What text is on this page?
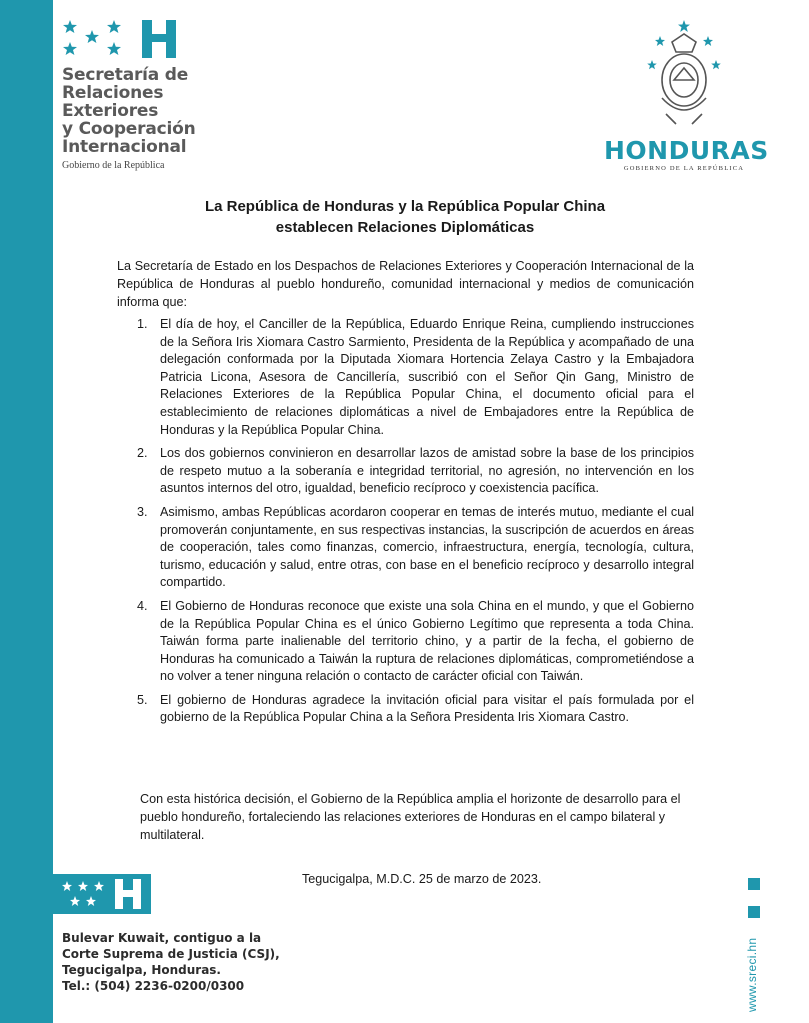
Secretaría de
Relaciones
Exteriores
y Cooperación
Internacional
Gobierno de la República
HONDURAS
GOBIERNO DE LA REPÚBLICA
La República de Honduras y la República Popular China
establecen Relaciones Diplomáticas
La Secretaría de Estado en los Despachos de Relaciones Exteriores y Cooperación Internacional de la República de Honduras al pueblo hondureño, comunidad internacional y medios de comunicación informa que:
1. El día de hoy, el Canciller de la República, Eduardo Enrique Reina, cumpliendo instrucciones de la Señora Iris Xiomara Castro Sarmiento, Presidenta de la República y acompañado de una delegación conformada por la Diputada Xiomara Hortencia Zelaya Castro y la Embajadora Patricia Licona, Asesora de Cancillería, suscribió con el Señor Qin Gang, Ministro de Relaciones Exteriores de la República Popular China, el documento oficial para el establecimiento de relaciones diplomáticas a nivel de Embajadores entre la República de Honduras y la República Popular China.
2. Los dos gobiernos convinieron en desarrollar lazos de amistad sobre la base de los principios de respeto mutuo a la soberanía e integridad territorial, no agresión, no intervención en los asuntos internos del otro, igualdad, beneficio recíproco y coexistencia pacífica.
3. Asimismo, ambas Repúblicas acordaron cooperar en temas de interés mutuo, mediante el cual promoverán conjuntamente, en sus respectivas instancias, la suscripción de acuerdos en áreas de cooperación, tales como finanzas, comercio, infraestructura, energía, tecnología, cultura, turismo, educación y salud, entre otras, con base en el beneficio recíproco y desarrollo integral compartido.
4. El Gobierno de Honduras reconoce que existe una sola China en el mundo, y que el Gobierno de la República Popular China es el único Gobierno Legítimo que representa a toda China. Taiwán forma parte inalienable del territorio chino, y a partir de la fecha, el gobierno de Honduras ha comunicado a Taiwán la ruptura de relaciones diplomáticas, comprometiéndose a no volver a tener ninguna relación o contacto de carácter oficial con Taiwán.
5. El gobierno de Honduras agradece la invitación oficial para visitar el país formulada por el gobierno de la República Popular China a la Señora Presidenta Iris Xiomara Castro.
Con esta histórica decisión, el Gobierno de la República amplia el horizonte de desarrollo para el pueblo hondureño, fortaleciendo las relaciones exteriores de Honduras en el campo bilateral y multilateral.
Tegucigalpa, M.D.C. 25 de marzo de 2023.
Bulevar Kuwait, contiguo a la
Corte Suprema de Justicia (CSJ),
Tegucigalpa, Honduras.
Tel.: (504) 2236-0200/0300	www.sreci.hn
